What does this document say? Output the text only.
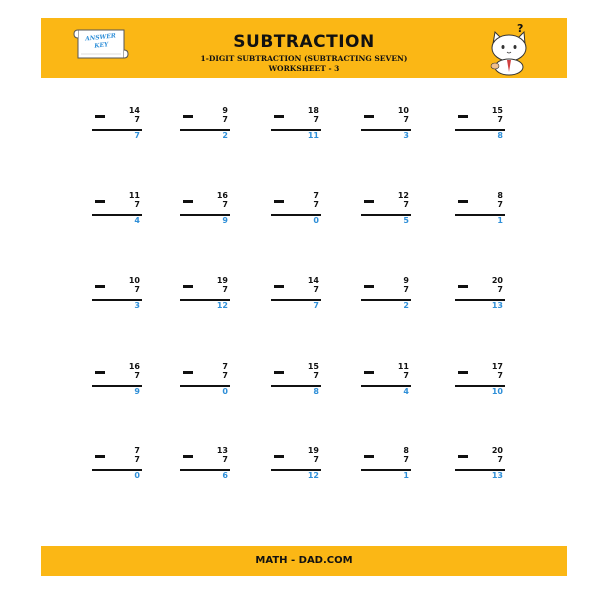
ANSWER KEY	SUBTRACTION
1-DIGIT SUBTRACTION (SUBTRACTING SEVEN)
WORKSHEET - 3
?
14
7
7
9
7
2
18
7
11
10
7
3
15
7
8
11
7
4
16
7
9
7
7
0
12
7
5
8
7
1
10
7
3
19
7
12
14
7
7
9
7
2
20
7
13
16
7
9
7
7
0
15
7
8
11
7
4
17
7
10
7
7
0
13
7
6
19
7
12
8
7
1
20
7
13
MATH - DAD.COM
